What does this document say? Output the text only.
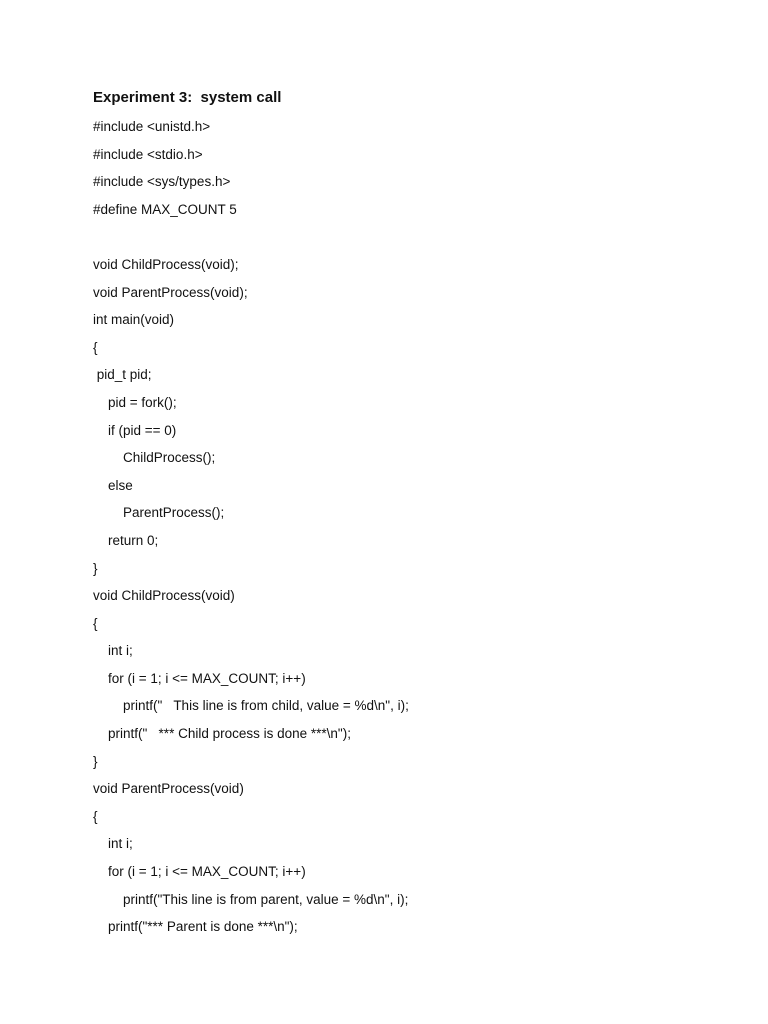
Experiment 3:  system call
#include <unistd.h>
#include <stdio.h>
#include <sys/types.h>
#define MAX_COUNT 5
void ChildProcess(void);
void ParentProcess(void);
int main(void)
{
pid_t pid;
pid = fork();
if (pid == 0)
ChildProcess();
else
ParentProcess();
return 0;
}
void ChildProcess(void)
{
int i;
for (i = 1; i <= MAX_COUNT; i++)
printf("   This line is from child, value = %d\n", i);
printf("   *** Child process is done ***\n");
}
void ParentProcess(void)
{
int i;
for (i = 1; i <= MAX_COUNT; i++)
printf("This line is from parent, value = %d\n", i);
printf("*** Parent is done ***\n");
